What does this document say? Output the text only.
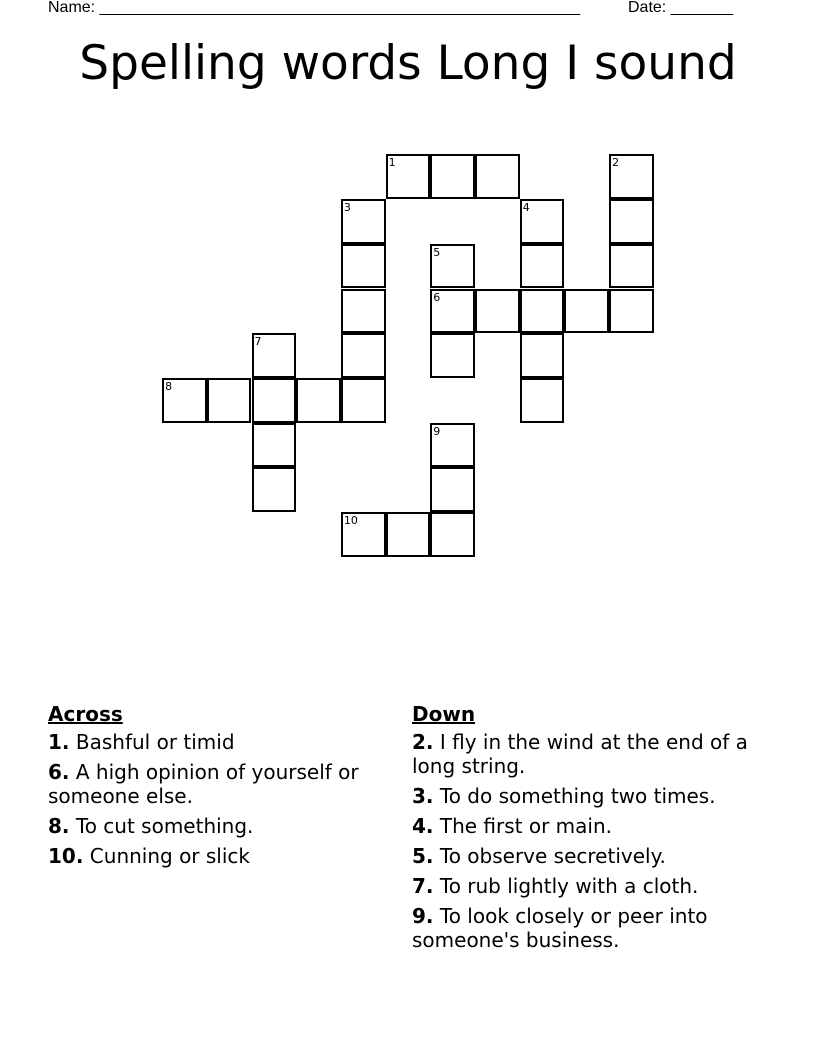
Name: ______________________________________________________	Date: _______
Spelling words Long I sound
1	2
3	4
5
6
7
8
9
10
Across
1. Bashful or timid
6. A high opinion of yourself or someone else.
8. To cut something.
10. Cunning or slick
Down
2. I fly in the wind at the end of a long string.
3. To do something two times.
4. The first or main.
5. To observe secretively.
7. To rub lightly with a cloth.
9. To look closely or peer into someone's business.
